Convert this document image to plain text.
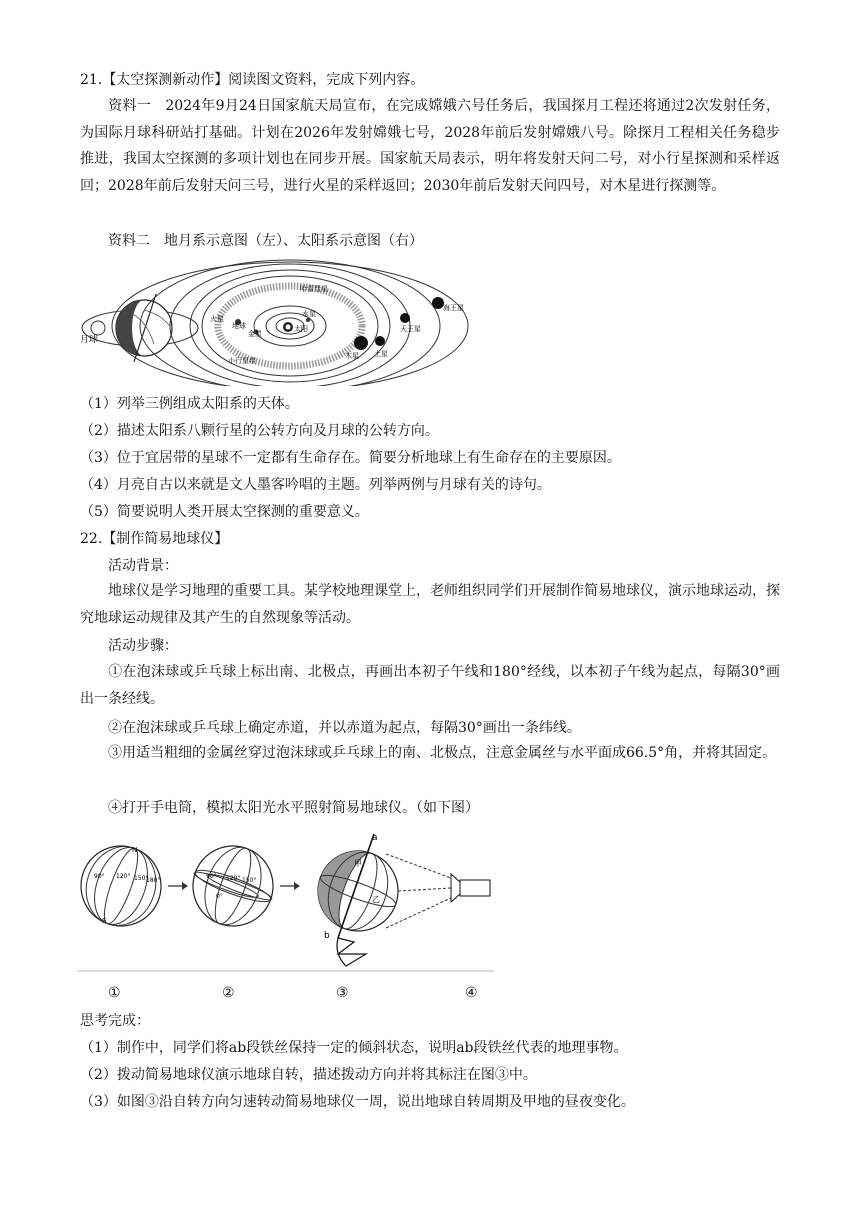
21.【太空探测新动作】阅读图文资料，完成下列内容。
资料一　2024年9月24日国家航天局宣布，在完成嫦娥六号任务后，我国探月工程还将通过2次发射任务，为国际月球科研站打基础。计划在2026年发射嫦娥七号，2028年前后发射嫦娥八号。除探月工程相关任务稳步推进，我国太空探测的多项计划也在同步开展。国家航天局表示，明年将发射天问二号，对小行星探测和采样返回；2028年前后发射天问三号，进行火星的采样返回；2030年前后发射天问四号，对木星进行探测等。
资料二　地月系示意图（左）、太阳系示意图（右）
月球
火星
地球
金星
水星
太阳
木星 土星
天王星
海王星
小行星带
哈雷彗星
（1）列举三例组成太阳系的天体。
（2）描述太阳系八颗行星的公转方向及月球的公转方向。
（3）位于宜居带的星球不一定都有生命存在。简要分析地球上有生命存在的主要原因。
（4）月亮自古以来就是文人墨客吟唱的主题。列举两例与月球有关的诗句。
（5）简要说明人类开展太空探测的重要意义。
22.【制作简易地球仪】
活动背景：
地球仪是学习地理的重要工具。某学校地理课堂上，老师组织同学们开展制作简易地球仪，演示地球运动，探究地球运动规律及其产生的自然现象等活动。
活动步骤：
①在泡沫球或乒乓球上标出南、北极点，再画出本初子午线和180°经线，以本初子午线为起点，每隔30°画出一条经线。
②在泡沫球或乒乓球上确定赤道，并以赤道为起点，每隔30°画出一条纬线。
③用适当粗细的金属丝穿过泡沫球或乒乓球上的南、北极点，注意金属丝与水平面成66.5°角，并将其固定。
④打开手电筒，模拟太阳光水平照射简易地球仪。（如下图）
N
S
90° 120° 150°
180°
90° 120° 150°
0°
a
b
甲
乙
①	②	③	④
思考完成：
（1）制作中，同学们将ab段铁丝保持一定的倾斜状态，说明ab段铁丝代表的地理事物。
（2）拨动简易地球仪演示地球自转，描述拨动方向并将其标注在图③中。
（3）如图③沿自转方向匀速转动简易地球仪一周，说出地球自转周期及甲地的昼夜变化。
